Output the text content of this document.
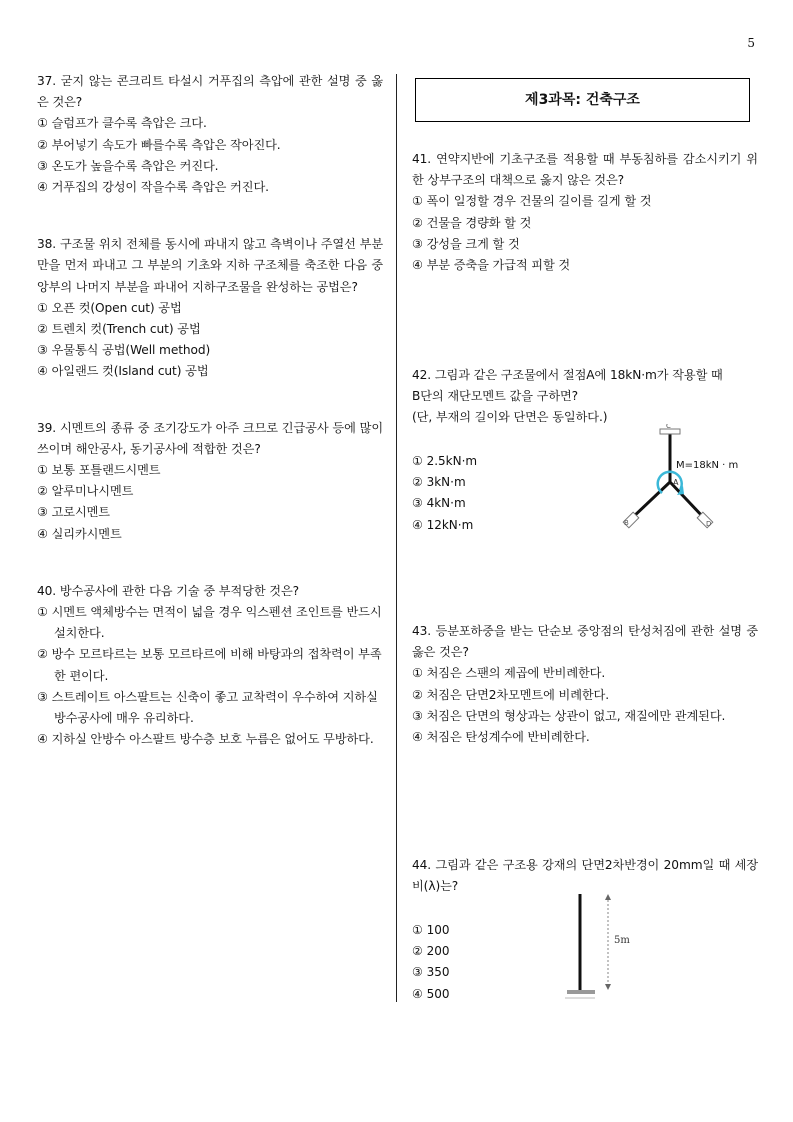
5

37. 굳지 않는 콘크리트 타설시 거푸집의 측압에 관한 설명 중 옳은 것은?

① 슬럼프가 클수록 측압은 크다.

② 부어넣기 속도가 빠를수록 측압은 작아진다.

③ 온도가 높을수록 측압은 커진다.

④ 거푸집의 강성이 작을수록 측압은 커진다.

38. 구조물 위치 전체를 동시에 파내지 않고 측벽이나 주열선 부분만을 먼저 파내고 그 부분의 기초와 지하 구조체를 축조한 다음 중앙부의 나머지 부분을 파내어 지하구조물을 완성하는 공법은?

① 오픈 컷(Open cut) 공법

② 트렌치 컷(Trench cut) 공법

③ 우물통식 공법(Well method)

④ 아일랜드 컷(Island cut) 공법

39. 시멘트의 종류 중 조기강도가 아주 크므로 긴급공사 등에 많이 쓰이며 해안공사, 동기공사에 적합한 것은?

① 보통 포틀랜드시멘트

② 알루미나시멘트

③ 고로시멘트

④ 실리카시멘트

40. 방수공사에 관한 다음 기술 중 부적당한 것은?

① 시멘트 액체방수는 면적이 넓을 경우 익스펜션 조인트를 반드시 설치한다.

② 방수 모르타르는 보통 모르타르에 비해 바탕과의 접착력이 부족한 편이다.

③ 스트레이트 아스팔트는 신축이 좋고 교착력이 우수하여 지하실 방수공사에 매우 유리하다.

④ 지하실 안방수 아스팔트 방수층 보호 누름은 없어도 무방하다.

제3과목: 건축구조

41. 연약지반에 기초구조를 적용할 때 부동침하를 감소시키기 위한 상부구조의 대책으로 옳지 않은 것은?

① 폭이 일정할 경우 건물의 길이를 길게 할 것

② 건물을 경량화 할 것

③ 강성을 크게 할 것

④ 부분 증축을 가급적 피할 것

42. 그림과 같은 구조물에서 절점A에 18kN·m가 작용할 때

B단의 재단모멘트 값을 구하면?

(단, 부재의 길이와 단면은 동일하다.)

① 2.5kN·m

② 3kN·m

③ 4kN·m

④ 12kN·m

C
A
B	D
M=18kN · m

43. 등분포하중을 받는 단순보 중앙점의 탄성처짐에 관한 설명 중 옳은 것은?

① 처짐은 스팬의 제곱에 반비례한다.

② 처짐은 단면2차모멘트에 비례한다.

③ 처짐은 단면의 형상과는 상관이 없고, 재질에만 관계된다.

④ 처짐은 탄성계수에 반비례한다.

44. 그림과 같은 구조용 강재의 단면2차반경이 20mm일 때 세장비(λ)는?

① 100

② 200

③ 350

④ 500

5m
